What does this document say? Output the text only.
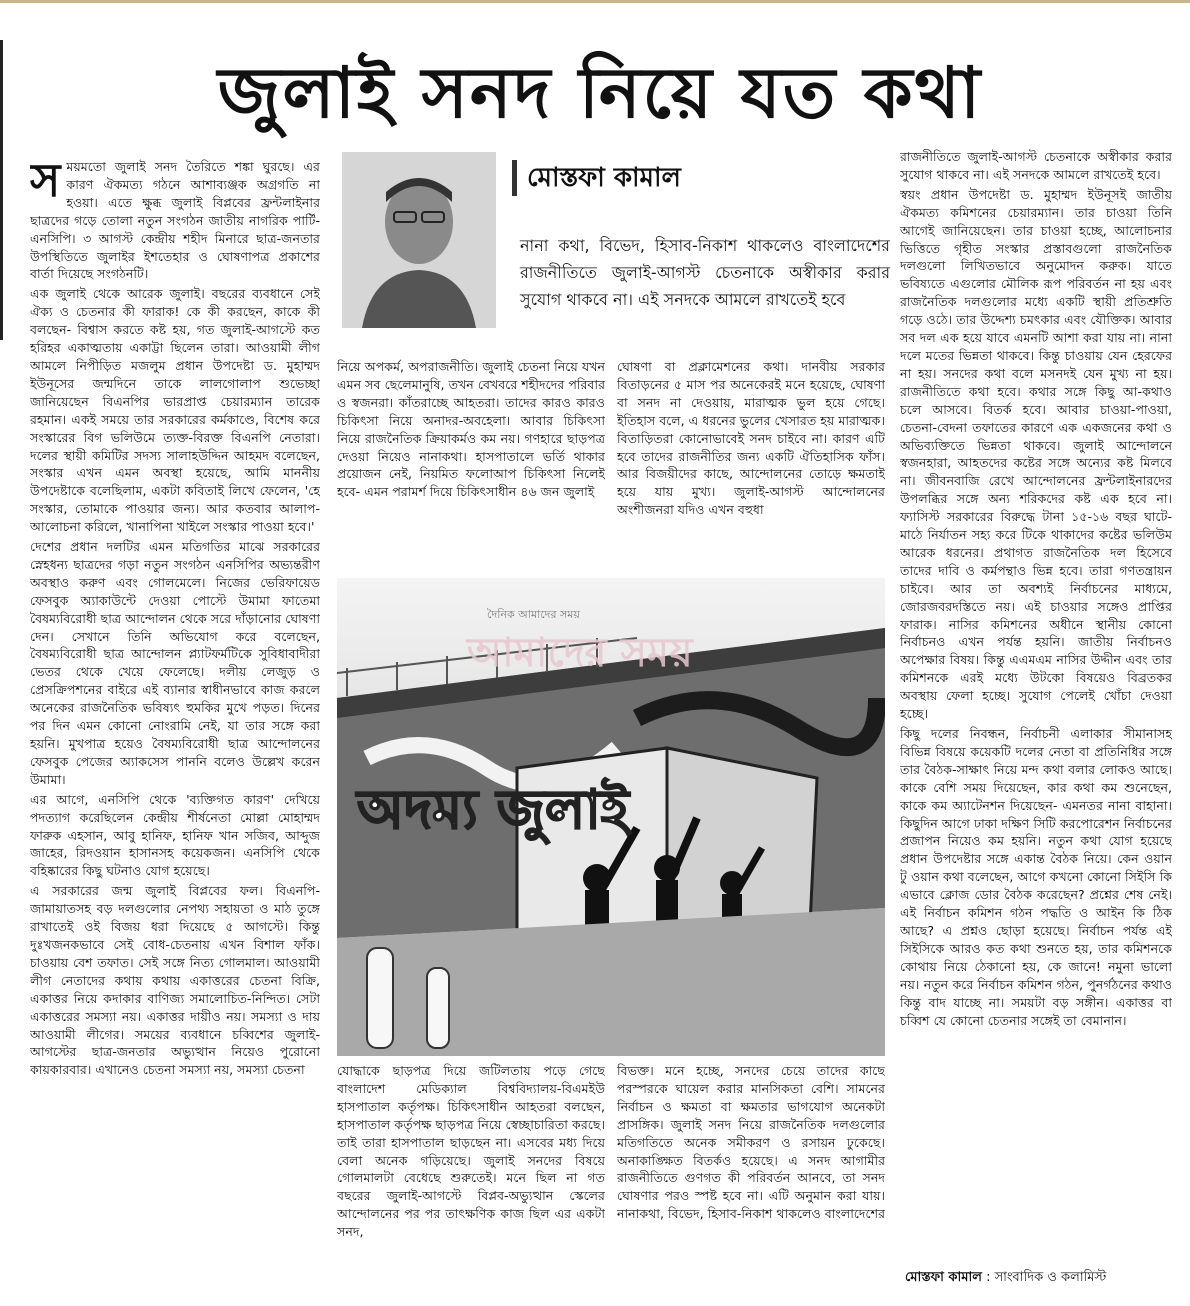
জুলাই সনদ নিয়ে যত কথা

সময়মতো জুলাই সনদ তৈরিতে শঙ্কা ঘুরছে। এর কারণ ঐকমত্য গঠনে আশাব্যঞ্জক অগ্রগতি না হওয়া। এতে ক্ষুব্ধ জুলাই বিপ্লবের ফ্রন্টলাইনার ছাত্রদের গড়ে তোলা নতুন সংগঠন জাতীয় নাগরিক পার্টি-এনসিপি। ৩ আগস্ট কেন্দ্রীয় শহীদ মিনারে ছাত্র-জনতার উপস্থিতিতে জুলাইর ইশতেহার ও ঘোষণাপত্র প্রকাশের বার্তা দিয়েছে সংগঠনটি।

এক জুলাই থেকে আরেক জুলাই। বছরের ব্যবধানে সেই ঐক্য ও চেতনার কী ফারাক! কে কী করছেন, কাকে কী বলছেন- বিশ্বাস করতে কষ্ট হয়, গত জুলাই-আগস্টে কত হরিহর একাত্মতায় একাট্টা ছিলেন তারা। আওয়ামী লীগ আমলে নিপীড়িত মজলুম প্রধান উপদেষ্টা ড. মুহাম্মদ ইউনূসের জন্মদিনে তাকে লালগোলাপ শুভেচ্ছা জানিয়েছেন বিএনপির ভারপ্রাপ্ত চেয়ারম্যান তারেক রহমান। একই সময়ে তার সরকারের কর্মকাণ্ডে, বিশেষ করে সংস্কারের বিগ ভলিউমে ত্যক্ত-বিরক্ত বিএনপি নেতারা। দলের স্থায়ী কমিটির সদস্য সালাহউদ্দিন আহমদ বলেছেন, সংস্কার এখন এমন অবস্থা হয়েছে, আমি মাননীয় উপদেষ্টাকে বলেছিলাম, একটা কবিতাই লিখে ফেলেন, 'হে সংস্কার, তোমাকে পাওয়ার জন্য। আর কতবার আলাপ-আলোচনা করিলে, খানাপিনা খাইলে সংস্কার পাওয়া হবে।'

দেশের প্রধান দলটির এমন মতিগতির মাঝে সরকারের স্নেহধন্য ছাত্রদের গড়া নতুন সংগঠন এনসিপির অভ্যন্তরীণ অবস্থাও করুণ এবং গোলমেলে। নিজের ভেরিফায়েড ফেসবুক অ্যাকাউন্টে দেওয়া পোস্টে উমামা ফাতেমা বৈষম্যবিরোধী ছাত্র আন্দোলন থেকে সরে দাঁড়ানোর ঘোষণা দেন। সেখানে তিনি অভিযোগ করে বলেছেন, বৈষম্যবিরোধী ছাত্র আন্দোলন প্ল্যাটফর্মটিকে সুবিধাবাদীরা ভেতর থেকে খেয়ে ফেলেছে। দলীয় লেজুড় ও প্রেসক্রিপশনের বাইরে এই ব্যানার স্বাধীনভাবে কাজ করলে অনেকের রাজনৈতিক ভবিষ্যৎ হুমকির মুখে পড়ত। দিনের পর দিন এমন কোনো নোংরামি নেই, যা তার সঙ্গে করা হয়নি। মুখপাত্র হয়েও বৈষম্যবিরোধী ছাত্র আন্দোলনের ফেসবুক পেজের অ্যাকসেস পাননি বলেও উল্লেখ করেন উমামা।

এর আগে, এনসিপি থেকে 'ব্যক্তিগত কারণ' দেখিয়ে পদত্যাগ করেছিলেন কেন্দ্রীয় শীর্ষনেতা মোল্লা মোহাম্মদ ফারুক এহসান, আবু হানিফ, হানিফ খান সজিব, আব্দুজ জাহের, রিদওয়ান হাসানসহ কয়েকজন। এনসিপি থেকে বহিষ্কারের কিছু ঘটনাও যোগ হয়েছে।

এ সরকারের জন্ম জুলাই বিপ্লবের ফল। বিএনপি-জামায়াতসহ বড় দলগুলোর নেপথ্য সহায়তা ও মাঠ তুঙ্গে রাখাতেই ওই বিজয় ধরা দিয়েছে ৫ আগস্টে। কিন্তু দুঃখজনকভাবে সেই বোধ-চেতনায় এখন বিশাল ফাঁক। চাওয়ায় বেশ তফাত। সেই সঙ্গে নিত্য গোলমাল। আওয়ামী লীগ নেতাদের কথায় কথায় একাত্তরের চেতনা বিক্রি, একাত্তর নিয়ে কদাকার বাণিজ্য সমালোচিত-নিন্দিত। সেটা একাত্তরের সমস্যা নয়। একাত্তর দায়ীও নয়। সমস্যা ও দায় আওয়ামী লীগের। সময়ের ব্যবধানে চব্বিশের জুলাই-আগস্টের ছাত্র-জনতার অভ্যুত্থান নিয়েও পুরোনো কায়কারবার। এখানেও চেতনা সমস্যা নয়, সমস্যা চেতনা

মোস্তফা কামাল
নানা কথা, বিভেদ, হিসাব-নিকাশ থাকলেও বাংলাদেশের রাজনীতিতে জুলাই-আগস্ট চেতনাকে অস্বীকার করার সুযোগ থাকবে না। এই সনদকে আমলে রাখতেই হবে

নিয়ে অপকর্ম, অপরাজনীতি। জুলাই চেতনা নিয়ে যখন এমন সব ছেলেমানুষি, তখন বেখবরে শহীদদের পরিবার ও স্বজনরা। কাঁতরাচ্ছে আহতরা। তাদের কারও কারও চিকিৎসা নিয়ে অনাদর-অবহেলা। আবার চিকিৎসা নিয়ে রাজনৈতিক ক্রিয়াকর্মও কম নয়। গণহারে ছাড়পত্র দেওয়া নিয়েও নানাকথা। হাসপাতালে ভর্তি থাকার প্রয়োজন নেই, নিয়মিত ফলোআপ চিকিৎসা নিলেই হবে- এমন পরামর্শ দিয়ে চিকিৎসাধীন ৪৬ জন জুলাই

ঘোষণা বা প্রক্লামেশনের কথা। দানবীয় সরকার বিতাড়নের ৫ মাস পর অনেকেরই মনে হয়েছে, ঘোষণা বা সনদ না দেওয়ায়, মারাত্মক ভুল হয়ে গেছে। ইতিহাস বলে, এ ধরনের ভুলের খেসারত হয় মারাত্মক। বিতাড়িতরা কোনোভাবেই সনদ চাইবে না। কারণ এটি হবে তাদের রাজনীতির জন্য একটি ঐতিহাসিক ফাঁস। আর বিজয়ীদের কাছে, আন্দোলনের তোড়ে ক্ষমতাই হয়ে যায় মুখ্য। জুলাই-আগস্ট আন্দোলনের অংশীজনরা যদিও এখন বহুধা

দৈনিক আমাদের সময়
আমাদের সময়
অদম্য জুলাই

যোদ্ধাকে ছাড়পত্র দিয়ে জটিলতায় পড়ে গেছে বাংলাদেশ মেডিক্যাল বিশ্ববিদ্যালয়-বিএমইউ হাসপাতাল কর্তৃপক্ষ। চিকিৎসাধীন আহতরা বলছেন, হাসপাতাল কর্তৃপক্ষ ছাড়পত্র নিয়ে স্বেচ্ছাচারিতা করছে। তাই তারা হাসপাতাল ছাড়ছেন না। এসবের মধ্য দিয়ে বেলা অনেক গড়িয়েছে। জুলাই সনদের বিষয়ে গোলমালটা বেধেছে শুরুতেই। মনে ছিল না গত বছরের জুলাই-আগস্টে বিপ্লব-অভ্যুত্থান স্কেলের আন্দোলনের পর পর তাৎক্ষণিক কাজ ছিল এর একটা সনদ,

বিভক্ত। মনে হচ্ছে, সনদের চেয়ে তাদের কাছে পরস্পরকে ঘায়েল করার মানসিকতা বেশি। সামনের নির্বাচন ও ক্ষমতা বা ক্ষমতার ভাগযোগ অনেকটা প্রাসঙ্গিক। জুলাই সনদ নিয়ে রাজনৈতিক দলগুলোর মতিগতিতে অনেক সমীকরণ ও রসায়ন ঢুকেছে। অনাকাঙ্ক্ষিত বিতর্কও হয়েছে। এ সনদ আগামীর রাজনীতিতে গুণগত কী পরিবর্তন আনবে, তা সনদ ঘোষণার পরও স্পষ্ট হবে না। এটি অনুমান করা যায়। নানাকথা, বিভেদ, হিসাব-নিকাশ থাকলেও বাংলাদেশের

রাজনীতিতে জুলাই-আগস্ট চেতনাকে অস্বীকার করার সুযোগ থাকবে না। এই সনদকে আমলে রাখতেই হবে।

স্বয়ং প্রধান উপদেষ্টা ড. মুহাম্মদ ইউনূসই জাতীয় ঐকমত্য কমিশনের চেয়ারম্যান। তার চাওয়া তিনি আগেই জানিয়েছেন। তার চাওয়া হচ্ছে, আলোচনার ভিত্তিতে গৃহীত সংস্কার প্রস্তাবগুলো রাজনৈতিক দলগুলো লিখিতভাবে অনুমোদন করুক। যাতে ভবিষ্যতে এগুলোর মৌলিক রূপ পরিবর্তন না হয় এবং রাজনৈতিক দলগুলোর মধ্যে একটি স্থায়ী প্রতিশ্রুতি গড়ে ওঠে। তার উদ্দেশ্য চমৎকার এবং যৌক্তিক। আবার সব দল এক হয়ে যাবে এমনটি আশা করা যায় না। নানা দলে মতের ভিন্নতা থাকবে। কিন্তু চাওয়ায় যেন হেরফের না হয়। সনদের কথা বলে মসনদই যেন মুখ্য না হয়। রাজনীতিতে কথা হবে। কথার সঙ্গে কিছু আ-কথাও চলে আসবে। বিতর্ক হবে। আবার চাওয়া-পাওয়া, চেতনা-বেদনা তফাতের কারণে এক একজনের কথা ও অভিব্যক্তিতে ভিন্নতা থাকবে। জুলাই আন্দোলনে স্বজনহারা, আহতদের কষ্টের সঙ্গে অন্যের কষ্ট মিলবে না। জীবনবাজি রেখে আন্দোলনের ফ্রন্টলাইনারদের উপলব্ধির সঙ্গে অন্য শরিকদের কষ্ট এক হবে না। ফ্যাসিস্ট সরকারের বিরুদ্ধে টানা ১৫-১৬ বছর ঘাটে-মাঠে নির্যাতন সহ্য করে টিকে থাকাদের কষ্টের ভলিউম আরেক ধরনের। প্রথাগত রাজনৈতিক দল হিসেবে তাদের দাবি ও কর্মপন্থাও ভিন্ন হবে। তারা গণতন্ত্রায়ন চাইবে। আর তা অবশ্যই নির্বাচনের মাধ্যমে, জোরজবরদস্তিতে নয়। এই চাওয়ার সঙ্গেও প্রাপ্তির ফারাক। নাসির কমিশনের অধীনে স্থানীয় কোনো নির্বাচনও এখন পর্যন্ত হয়নি। জাতীয় নির্বাচনও অপেক্ষার বিষয়। কিন্তু এএমএম নাসির উদ্দীন এবং তার কমিশনকে এরই মধ্যে উটকো বিষয়েও বিব্রতকর অবস্থায় ফেলা হচ্ছে। সুযোগ পেলেই খোঁচা দেওয়া হচ্ছে।

কিছু দলের নিবন্ধন, নির্বাচনী এলাকার সীমানাসহ বিভিন্ন বিষয়ে কয়েকটি দলের নেতা বা প্রতিনিধির সঙ্গে তার বৈঠক-সাক্ষাৎ নিয়ে মন্দ কথা বলার লোকও আছে। কাকে বেশি সময় দিয়েছেন, কার কথা কম শুনেছেন, কাকে কম অ্যাটেনশন দিয়েছেন- এমনতর নানা বাহানা। কিছুদিন আগে ঢাকা দক্ষিণ সিটি করপোরেশন নির্বাচনের প্রজাপন নিয়েও কম হয়নি। নতুন কথা যোগ হয়েছে প্রধান উপদেষ্টার সঙ্গে একান্ত বৈঠক নিয়ে। কেন ওয়ান টু ওয়ান কথা বলেছেন, আগে কখনো কোনো সিইসি কি এভাবে ক্লোজ ডোর বৈঠক করেছেন? প্রশ্নের শেষ নেই। এই নির্বাচন কমিশন গঠন পদ্ধতি ও আইন কি ঠিক আছে? এ প্রশ্নও ছোড়া হয়েছে। নির্বাচন পর্যন্ত এই সিইসিকে আরও কত কথা শুনতে হয়, তার কমিশনকে কোথায় নিয়ে ঠেকানো হয়, কে জানে! নমুনা ভালো নয়। নতুন করে নির্বাচন কমিশন গঠন, পুনর্গঠনের কথাও কিন্তু বাদ যাচ্ছে না। সময়টা বড় সঙ্গীন। একাত্তর বা চব্বিশ যে কোনো চেতনার সঙ্গেই তা বেমানান।

মোস্তফা কামাল : সাংবাদিক ও কলামিস্ট
